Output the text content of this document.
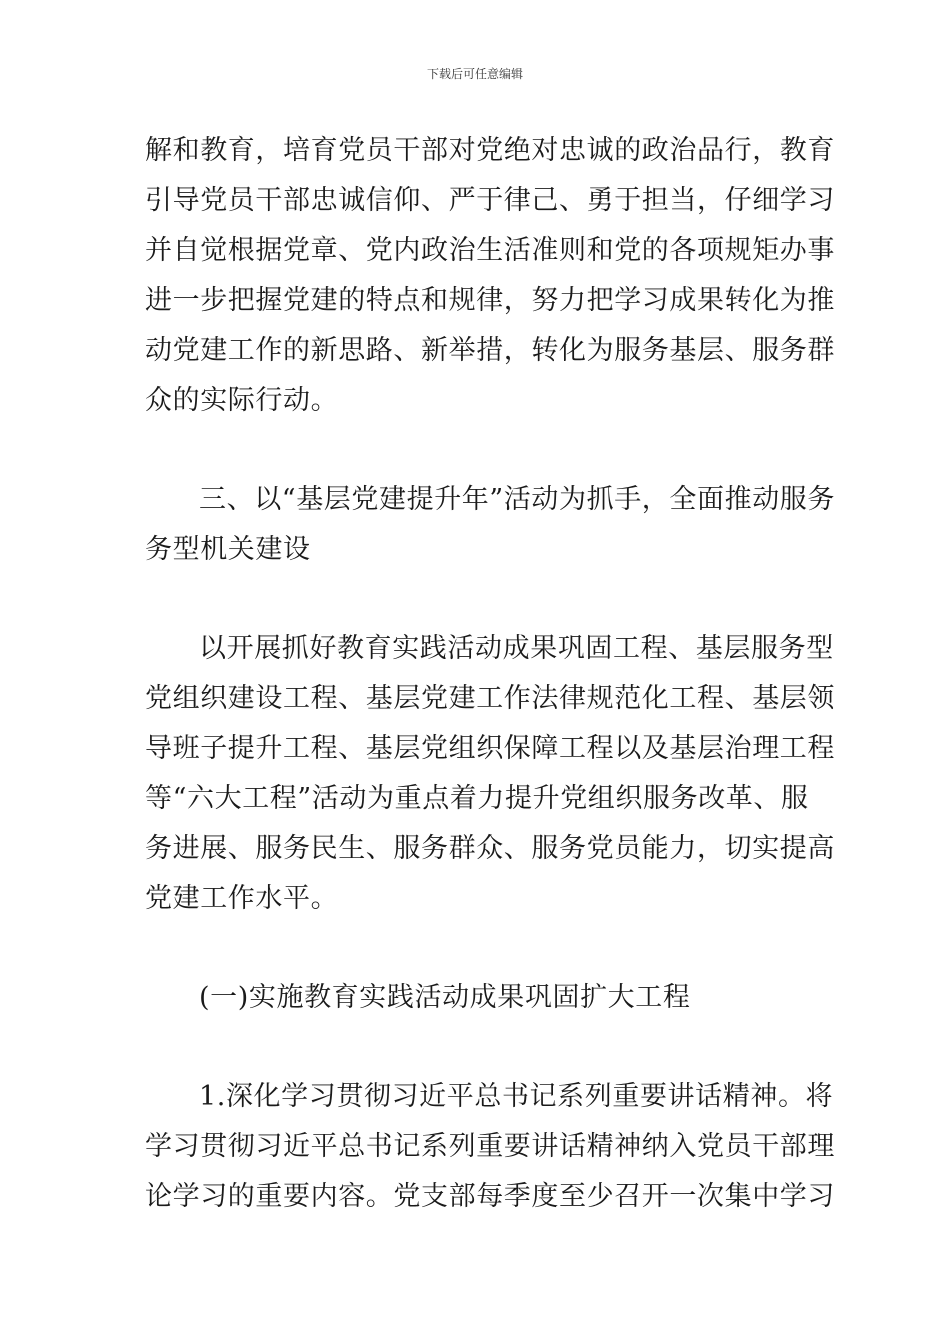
下载后可任意编辑
解和教育，培育党员干部对党绝对忠诚的政治品行，教育
引导党员干部忠诚信仰、严于律己、勇于担当，仔细学习
并自觉根据党章、党内政治生活准则和党的各项规矩办事
进一步把握党建的特点和规律，努力把学习成果转化为推
动党建工作的新思路、新举措，转化为服务基层、服务群
众的实际行动。
三、以“基层党建提升年”活动为抓手，全面推动服务
务型机关建设
以开展抓好教育实践活动成果巩固工程、基层服务型
党组织建设工程、基层党建工作法律规范化工程、基层领
导班子提升工程、基层党组织保障工程以及基层治理工程
等“六大工程”活动为重点着力提升党组织服务改革、服
务进展、服务民生、服务群众、服务党员能力，切实提高
党建工作水平。
(一)实施教育实践活动成果巩固扩大工程
1.深化学习贯彻习近平总书记系列重要讲话精神。将
学习贯彻习近平总书记系列重要讲话精神纳入党员干部理
论学习的重要内容。党支部每季度至少召开一次集中学习
